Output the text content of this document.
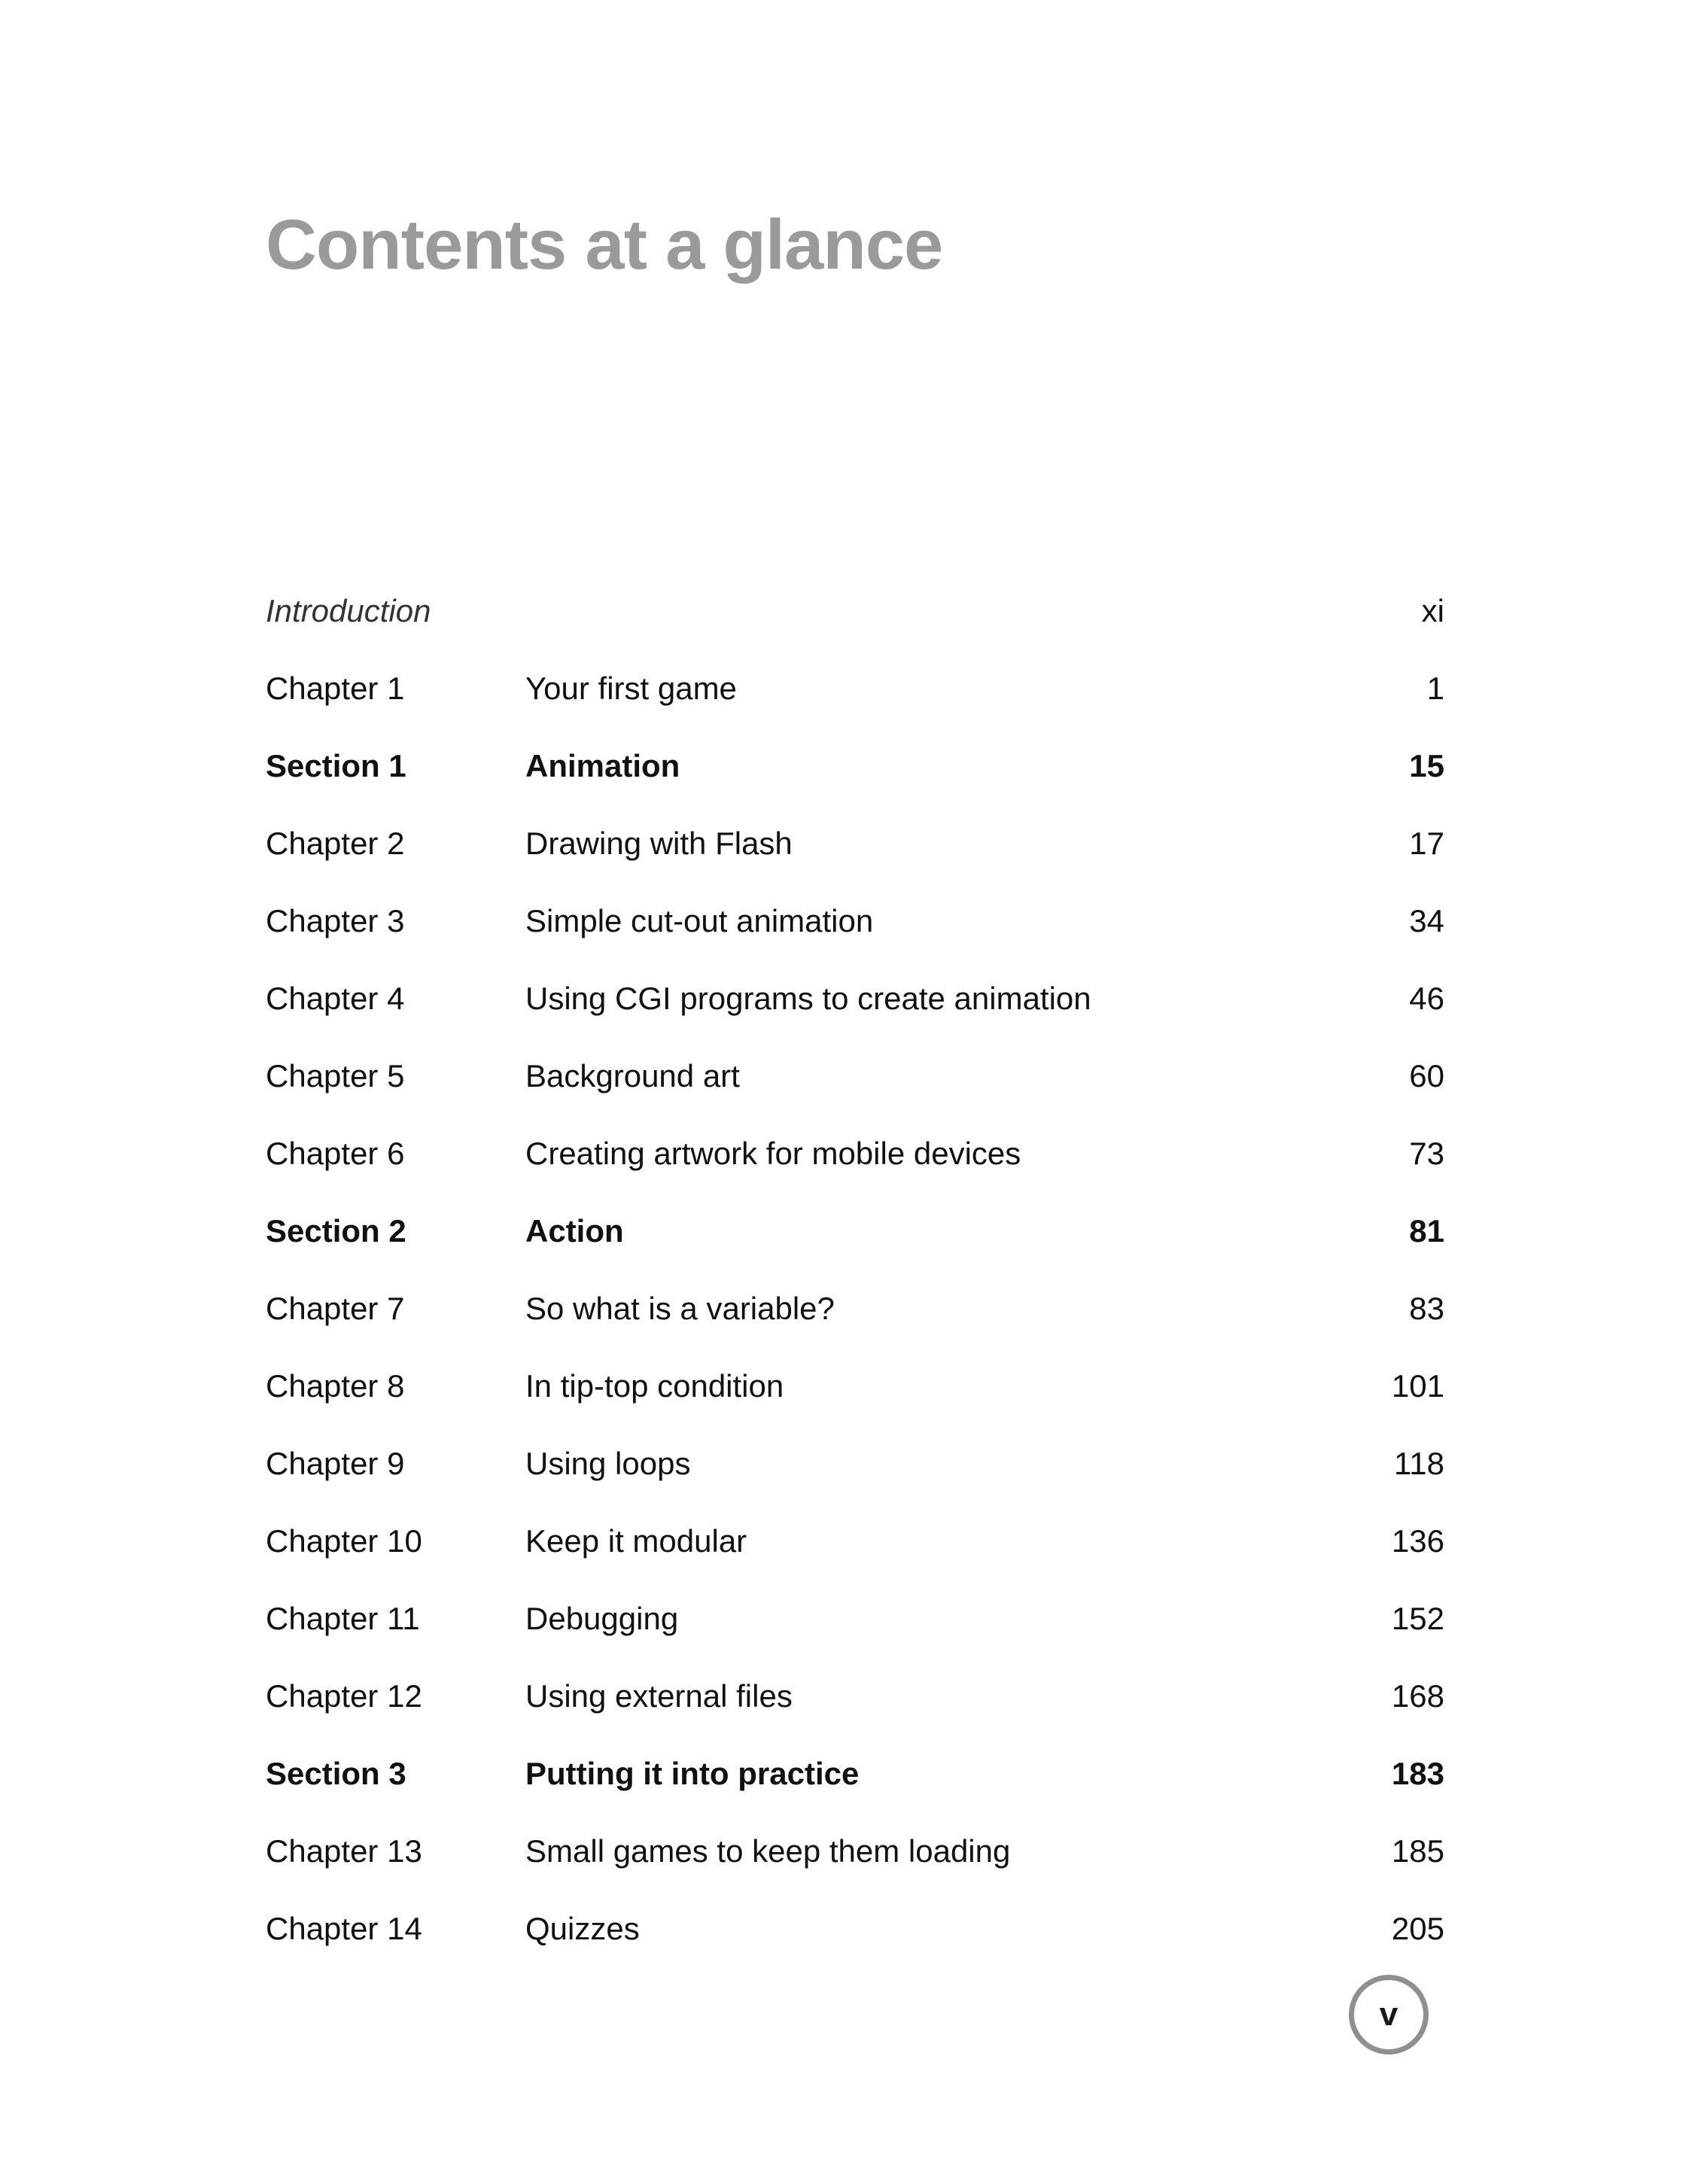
Contents at a glance
Introduction	xi
Chapter 1	Your first game	1
Section 1	Animation	15
Chapter 2	Drawing with Flash	17
Chapter 3	Simple cut-out animation	34
Chapter 4	Using CGI programs to create animation	46
Chapter 5	Background art	60
Chapter 6	Creating artwork for mobile devices	73
Section 2	Action	81
Chapter 7	So what is a variable?	83
Chapter 8	In tip-top condition	101
Chapter 9	Using loops	118
Chapter 10	Keep it modular	136
Chapter 11	Debugging	152
Chapter 12	Using external files	168
Section 3	Putting it into practice	183
Chapter 13	Small games to keep them loading	185
Chapter 14	Quizzes	205
v
